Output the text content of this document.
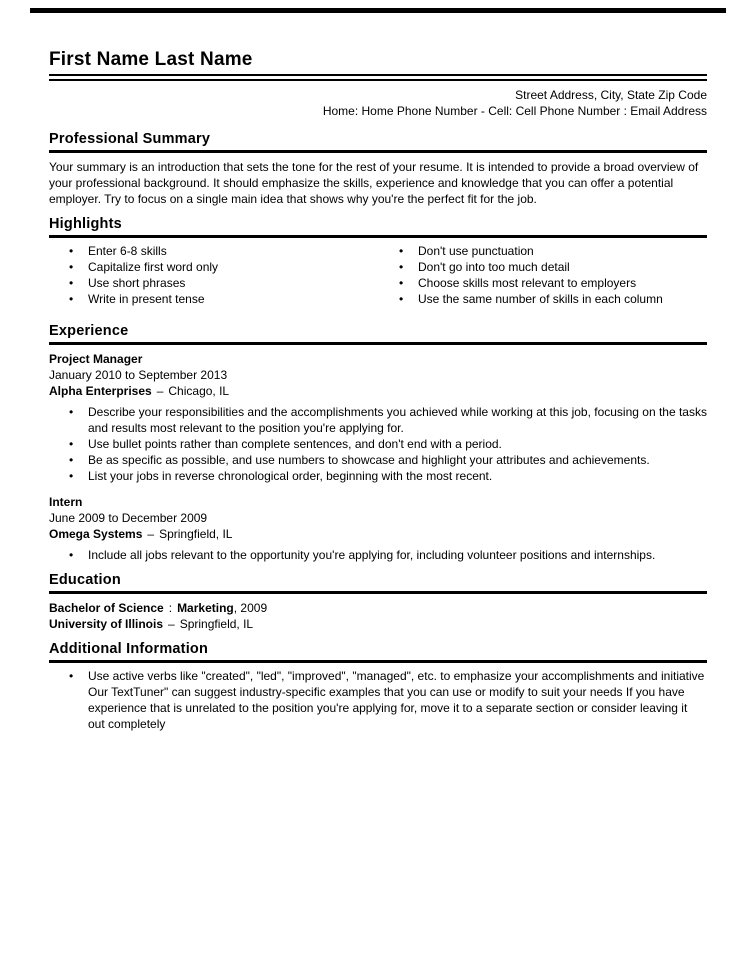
First Name Last Name
Street Address, City, State Zip Code
Home: Home Phone Number - Cell: Cell Phone Number : Email Address
Professional Summary

Your summary is an introduction that sets the tone for the rest of your resume. It is intended to provide a broad overview of your professional background. It should emphasize the skills, experience and knowledge that you can offer a potential employer. Try to focus on a single main idea that shows why you're the perfect fit for the job.

Highlights
• Enter 6-8 skills
• Capitalize first word only
• Use short phrases
• Write in present tense
• Don't use punctuation
• Don't go into too much detail
• Choose skills most relevant to employers
• Use the same number of skills in each column
Experience
Project Manager
January 2010 to September 2013
Alpha Enterprises – Chicago, IL
• Describe your responsibilities and the accomplishments you achieved while working at this job, focusing on the tasks and results most relevant to the position you're applying for.
• Use bullet points rather than complete sentences, and don't end with a period.
• Be as specific as possible, and use numbers to showcase and highlight your attributes and achievements.
• List your jobs in reverse chronological order, beginning with the most recent.
Intern
June 2009 to December 2009
Omega Systems – Springfield, IL
• Include all jobs relevant to the opportunity you're applying for, including volunteer positions and internships.
Education
Bachelor of Science : Marketing, 2009
University of Illinois – Springfield, IL
Additional Information
• Use active verbs like "created", "led", "improved", "managed", etc. to emphasize your accomplishments and initiative Our TextTuner" can suggest industry-specific examples that you can use or modify to suit your needs If you have experience that is unrelated to the position you're applying for, move it to a separate section or consider leaving it out completely
